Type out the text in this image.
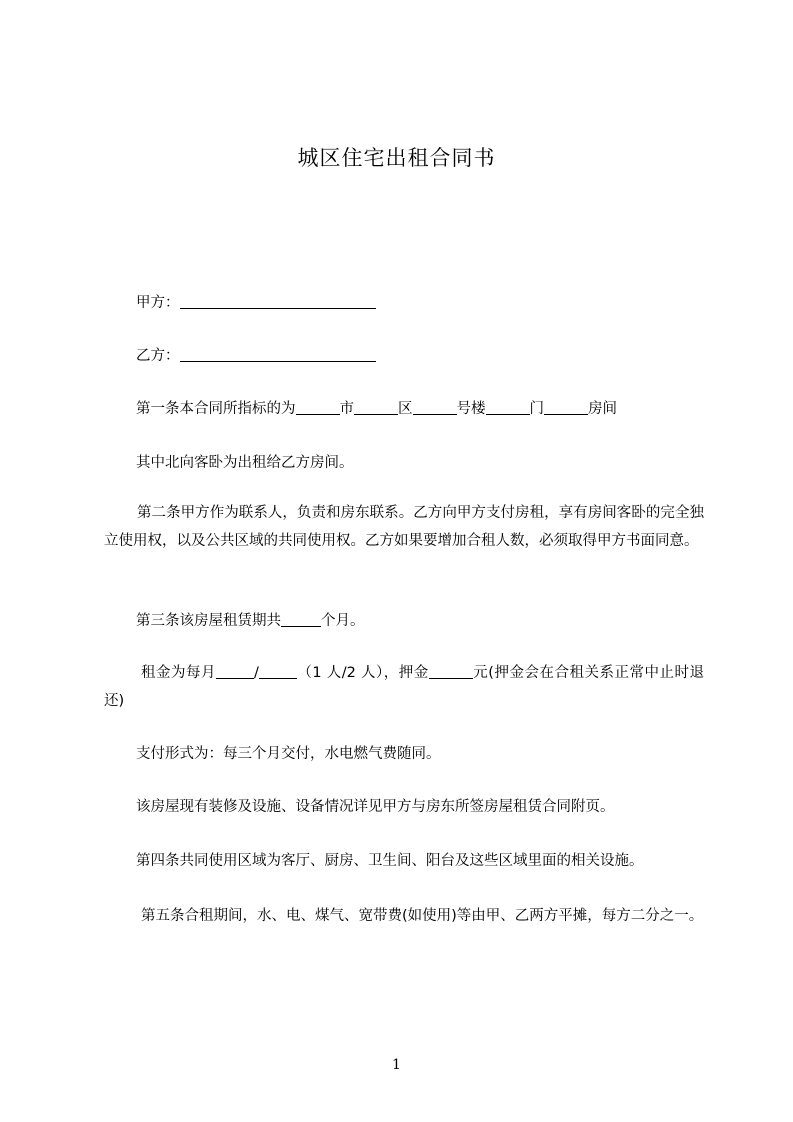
城区住宅出租合同书
甲方：
乙方：
第一条本合同所指标的为	市	区	号楼	门	房间
其中北向客卧为出租给乙方房间。
第二条甲方作为联系人，负责和房东联系。乙方向甲方支付房租，享有房间客卧的完全独立使用权，以及公共区域的共同使用权。乙方如果要增加合租人数，必须取得甲方书面同意。
第三条该房屋租赁期共	个月。
租金为每月	/	（1 人/2 人），押金	元(押金会在合租关系正常中止时退还)
支付形式为：每三个月交付，水电燃气费随同。
该房屋现有装修及设施、设备情况详见甲方与房东所签房屋租赁合同附页。
第四条共同使用区域为客厅、厨房、卫生间、阳台及这些区域里面的相关设施。
第五条合租期间，水、电、煤气、宽带费(如使用)等由甲、乙两方平摊，每方二分之一。
1
